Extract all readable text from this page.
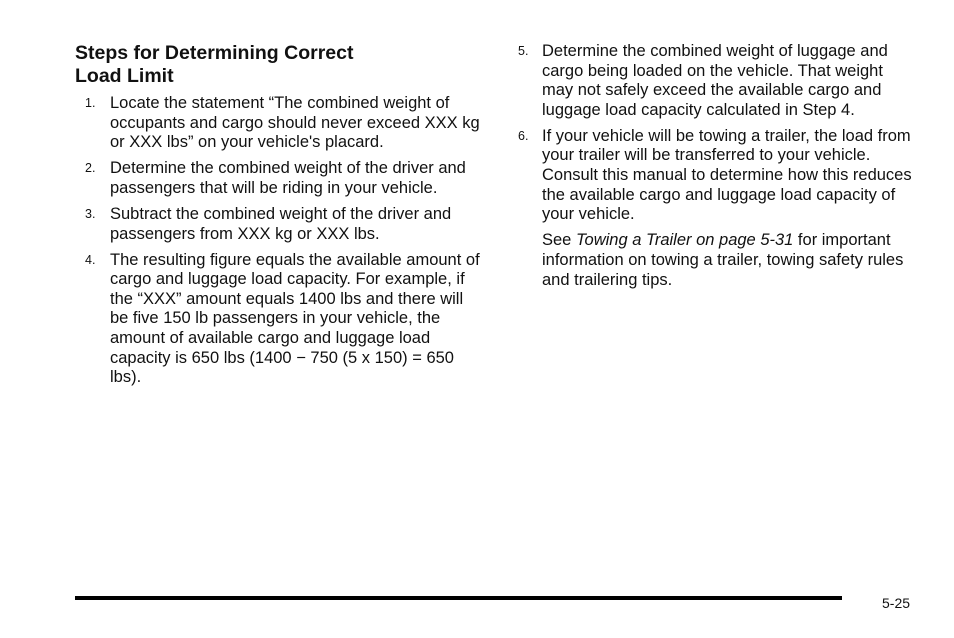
Steps for Determining Correct
Load Limit
1. Locate the statement “The combined weight of occupants and cargo should never exceed XXX kg or XXX lbs” on your vehicle's placard.
2. Determine the combined weight of the driver and passengers that will be riding in your vehicle.
3. Subtract the combined weight of the driver and passengers from XXX kg or XXX lbs.
4. The resulting figure equals the available amount of cargo and luggage load capacity. For example, if the “XXX” amount equals 1400 lbs and there will be five 150 lb passengers in your vehicle, the amount of available cargo and luggage load capacity is 650 lbs (1400 − 750 (5 x 150) = 650 lbs).
5. Determine the combined weight of luggage and cargo being loaded on the vehicle. That weight may not safely exceed the available cargo and luggage load capacity calculated in Step 4.
6. If your vehicle will be towing a trailer, the load from your trailer will be transferred to your vehicle. Consult this manual to determine how this reduces the available cargo and luggage load capacity of your vehicle.
See Towing a Trailer on page 5-31 for important information on towing a trailer, towing safety rules and trailering tips.
5-25
